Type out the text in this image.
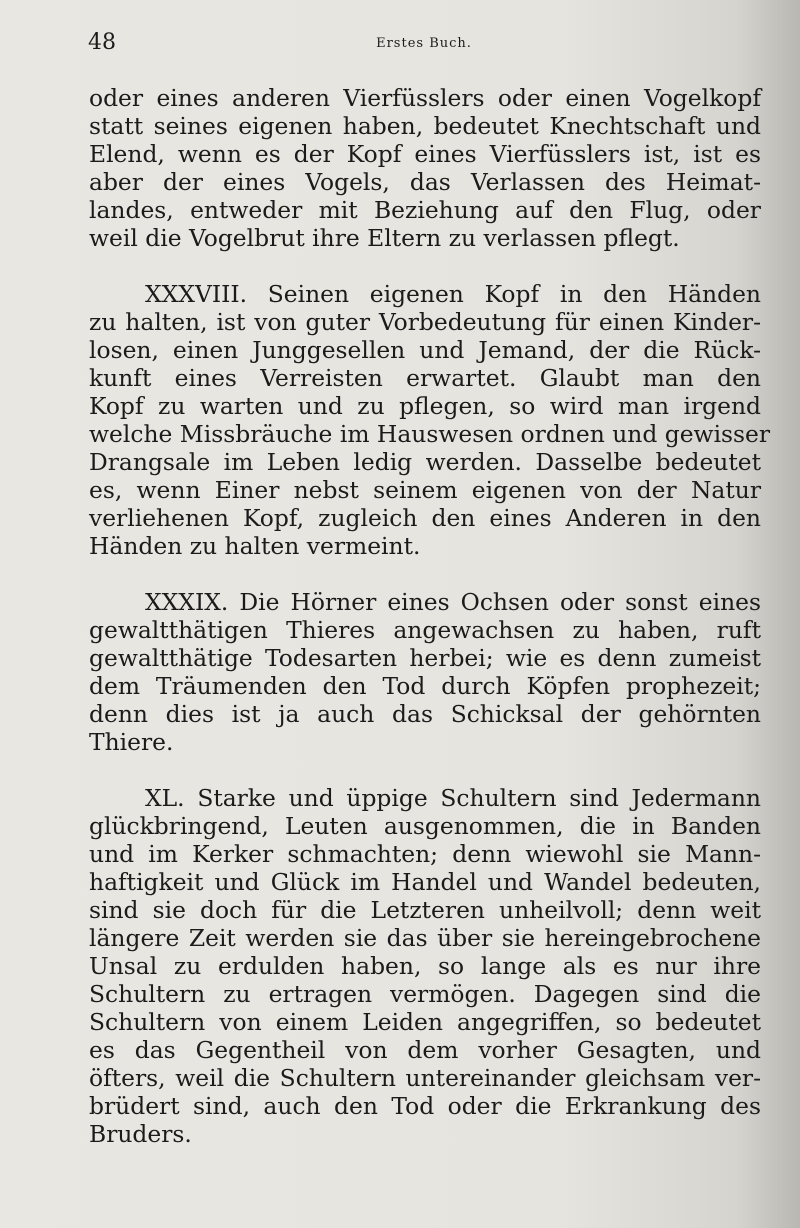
48	Erstes Buch.
oder eines anderen Vierfüsslers oder einen Vogelkopf
statt seines eigenen haben, bedeutet Knechtschaft und
Elend, wenn es der Kopf eines Vierfüsslers ist, ist es
aber der eines Vogels, das Verlassen des Heimat-
landes, entweder mit Beziehung auf den Flug, oder
weil die Vogelbrut ihre Eltern zu verlassen pflegt.
XXXVIII. Seinen eigenen Kopf in den Händen
zu halten, ist von guter Vorbedeutung für einen Kinder-
losen, einen Junggesellen und Jemand, der die Rück-
kunft eines Verreisten erwartet. Glaubt man den
Kopf zu warten und zu pflegen, so wird man irgend
welche Missbräuche im Hauswesen ordnen und gewisser
Drangsale im Leben ledig werden. Dasselbe bedeutet
es, wenn Einer nebst seinem eigenen von der Natur
verliehenen Kopf, zugleich den eines Anderen in den
Händen zu halten vermeint.
XXXIX. Die Hörner eines Ochsen oder sonst eines
gewaltthätigen Thieres angewachsen zu haben, ruft
gewaltthätige Todesarten herbei; wie es denn zumeist
dem Träumenden den Tod durch Köpfen prophezeit;
denn dies ist ja auch das Schicksal der gehörnten
Thiere.
XL. Starke und üppige Schultern sind Jedermann
glückbringend, Leuten ausgenommen, die in Banden
und im Kerker schmachten; denn wiewohl sie Mann-
haftigkeit und Glück im Handel und Wandel bedeuten,
sind sie doch für die Letzteren unheilvoll; denn weit
längere Zeit werden sie das über sie hereingebrochene
Unsal zu erdulden haben, so lange als es nur ihre
Schultern zu ertragen vermögen. Dagegen sind die
Schultern von einem Leiden angegriffen, so bedeutet
es das Gegentheil von dem vorher Gesagten, und
öfters, weil die Schultern untereinander gleichsam ver-
brüdert sind, auch den Tod oder die Erkrankung des
Bruders.
